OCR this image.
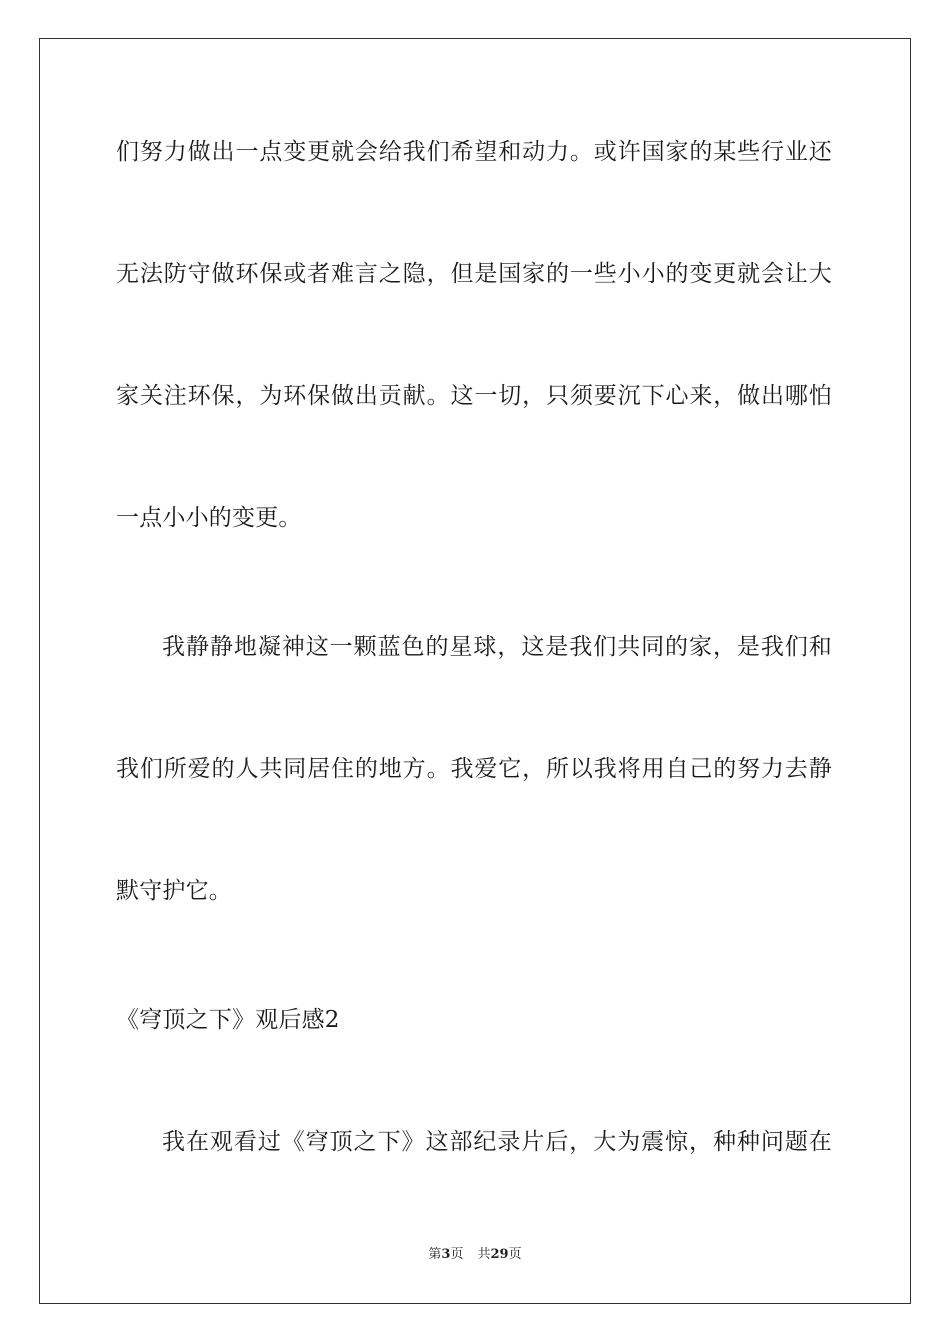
们努力做出一点变更就会给我们希望和动力。或许国家的某些行业还
无法防守做环保或者难言之隐，但是国家的一些小小的变更就会让大
家关注环保，为环保做出贡献。这一切，只须要沉下心来，做出哪怕
一点小小的变更。
我静静地凝神这一颗蓝色的星球，这是我们共同的家，是我们和
我们所爱的人共同居住的地方。我爱它，所以我将用自己的努力去静
默守护它。
《穹顶之下》观后感2
我在观看过《穹顶之下》这部纪录片后，大为震惊，种种问题在
第3页 共29页
